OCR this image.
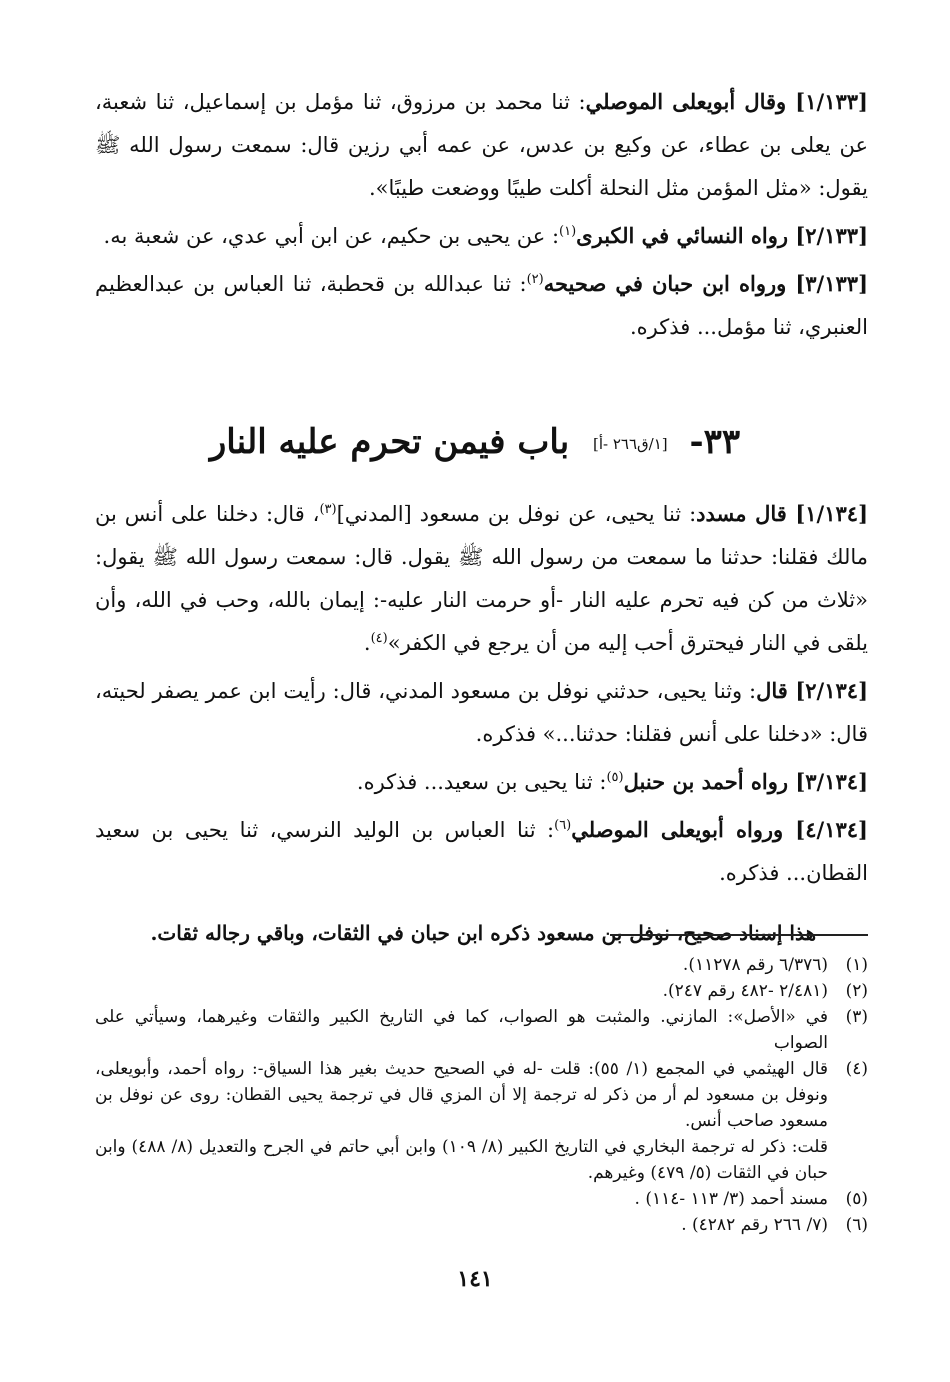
[١/١٣٣] وقال أبويعلى الموصلي: ثنا محمد بن مرزوق، ثنا مؤمل بن إسماعيل، ثنا شعبة، عن يعلى بن عطاء، عن وكيع بن عدس، عن عمه أبي رزين قال: سمعت رسول الله ﷺ يقول: «مثل المؤمن مثل النحلة أكلت طيبًا ووضعت طيبًا».

[٢/١٣٣] رواه النسائي في الكبرى$^{(١)}$: عن يحيى بن حكيم، عن ابن أبي عدي، عن شعبة به.

[٣/١٣٣] ورواه ابن حبان في صحيحه$^{(٢)}$: ثنا عبدالله بن قحطبة، ثنا العباس بن عبدالعظيم العنبري، ثنا مؤمل... فذكره.

٣٣- [١/ق٢٦٦ -أ] باب فيمن تحرم عليه النار

[١/١٣٤] قال مسدد: ثنا يحيى، عن نوفل بن مسعود [المدني]$^{(٣)}$، قال: دخلنا على أنس بن مالك فقلنا: حدثنا ما سمعت من رسول الله ﷺ يقول. قال: سمعت رسول الله ﷺ يقول: «ثلاث من كن فيه تحرم عليه النار -أو حرمت النار عليه-: إيمان بالله، وحب في الله، وأن يلقى في النار فيحترق أحب إليه من أن يرجع في الكفر»$^{(٤)}$.

[٢/١٣٤] قال: وثنا يحيى، حدثني نوفل بن مسعود المدني، قال: رأيت ابن عمر يصفر لحيته، قال: «دخلنا على أنس فقلنا: حدثنا...» فذكره.

[٣/١٣٤] رواه أحمد بن حنبل$^{(٥)}$: ثنا يحيى بن سعيد... فذكره.

[٤/١٣٤] ورواه أبويعلى الموصلي$^{(٦)}$: ثنا العباس بن الوليد النرسي، ثنا يحيى بن سعيد القطان... فذكره.

هذا إسناد صحيح، نوفل بن مسعود ذكره ابن حبان في الثقات، وباقي رجاله ثقات.

(١)
(٦/٣٧٦ رقم ١١٢٧٨).
(٢)
(٢/٤٨١ -٤٨٢ رقم ٢٤٧).
(٣)
في «الأصل»: المازني. والمثبت هو الصواب، كما في التاريخ الكبير والثقات وغيرهما، وسيأتي على الصواب
(٤)
قال الهيثمي في المجمع (١/ ٥٥): قلت -له في الصحيح حديث بغير هذا السياق-: رواه أحمد، وأبويعلى، ونوفل بن مسعود لم أر من ذكر له ترجمة إلا أن المزي قال في ترجمة يحيى القطان: روى عن نوفل بن مسعود صاحب أنس.

قلت: ذكر له ترجمة البخاري في التاريخ الكبير (٨/ ١٠٩) وابن أبي حاتم في الجرح والتعديل (٨/ ٤٨٨) وابن حبان في الثقات (٥/ ٤٧٩) وغيرهم.

(٥)
مسند أحمد (٣/ ١١٣ -١١٤) .
(٦)
(٧/ ٢٦٦ رقم ٤٢٨٢) .
١٤١
